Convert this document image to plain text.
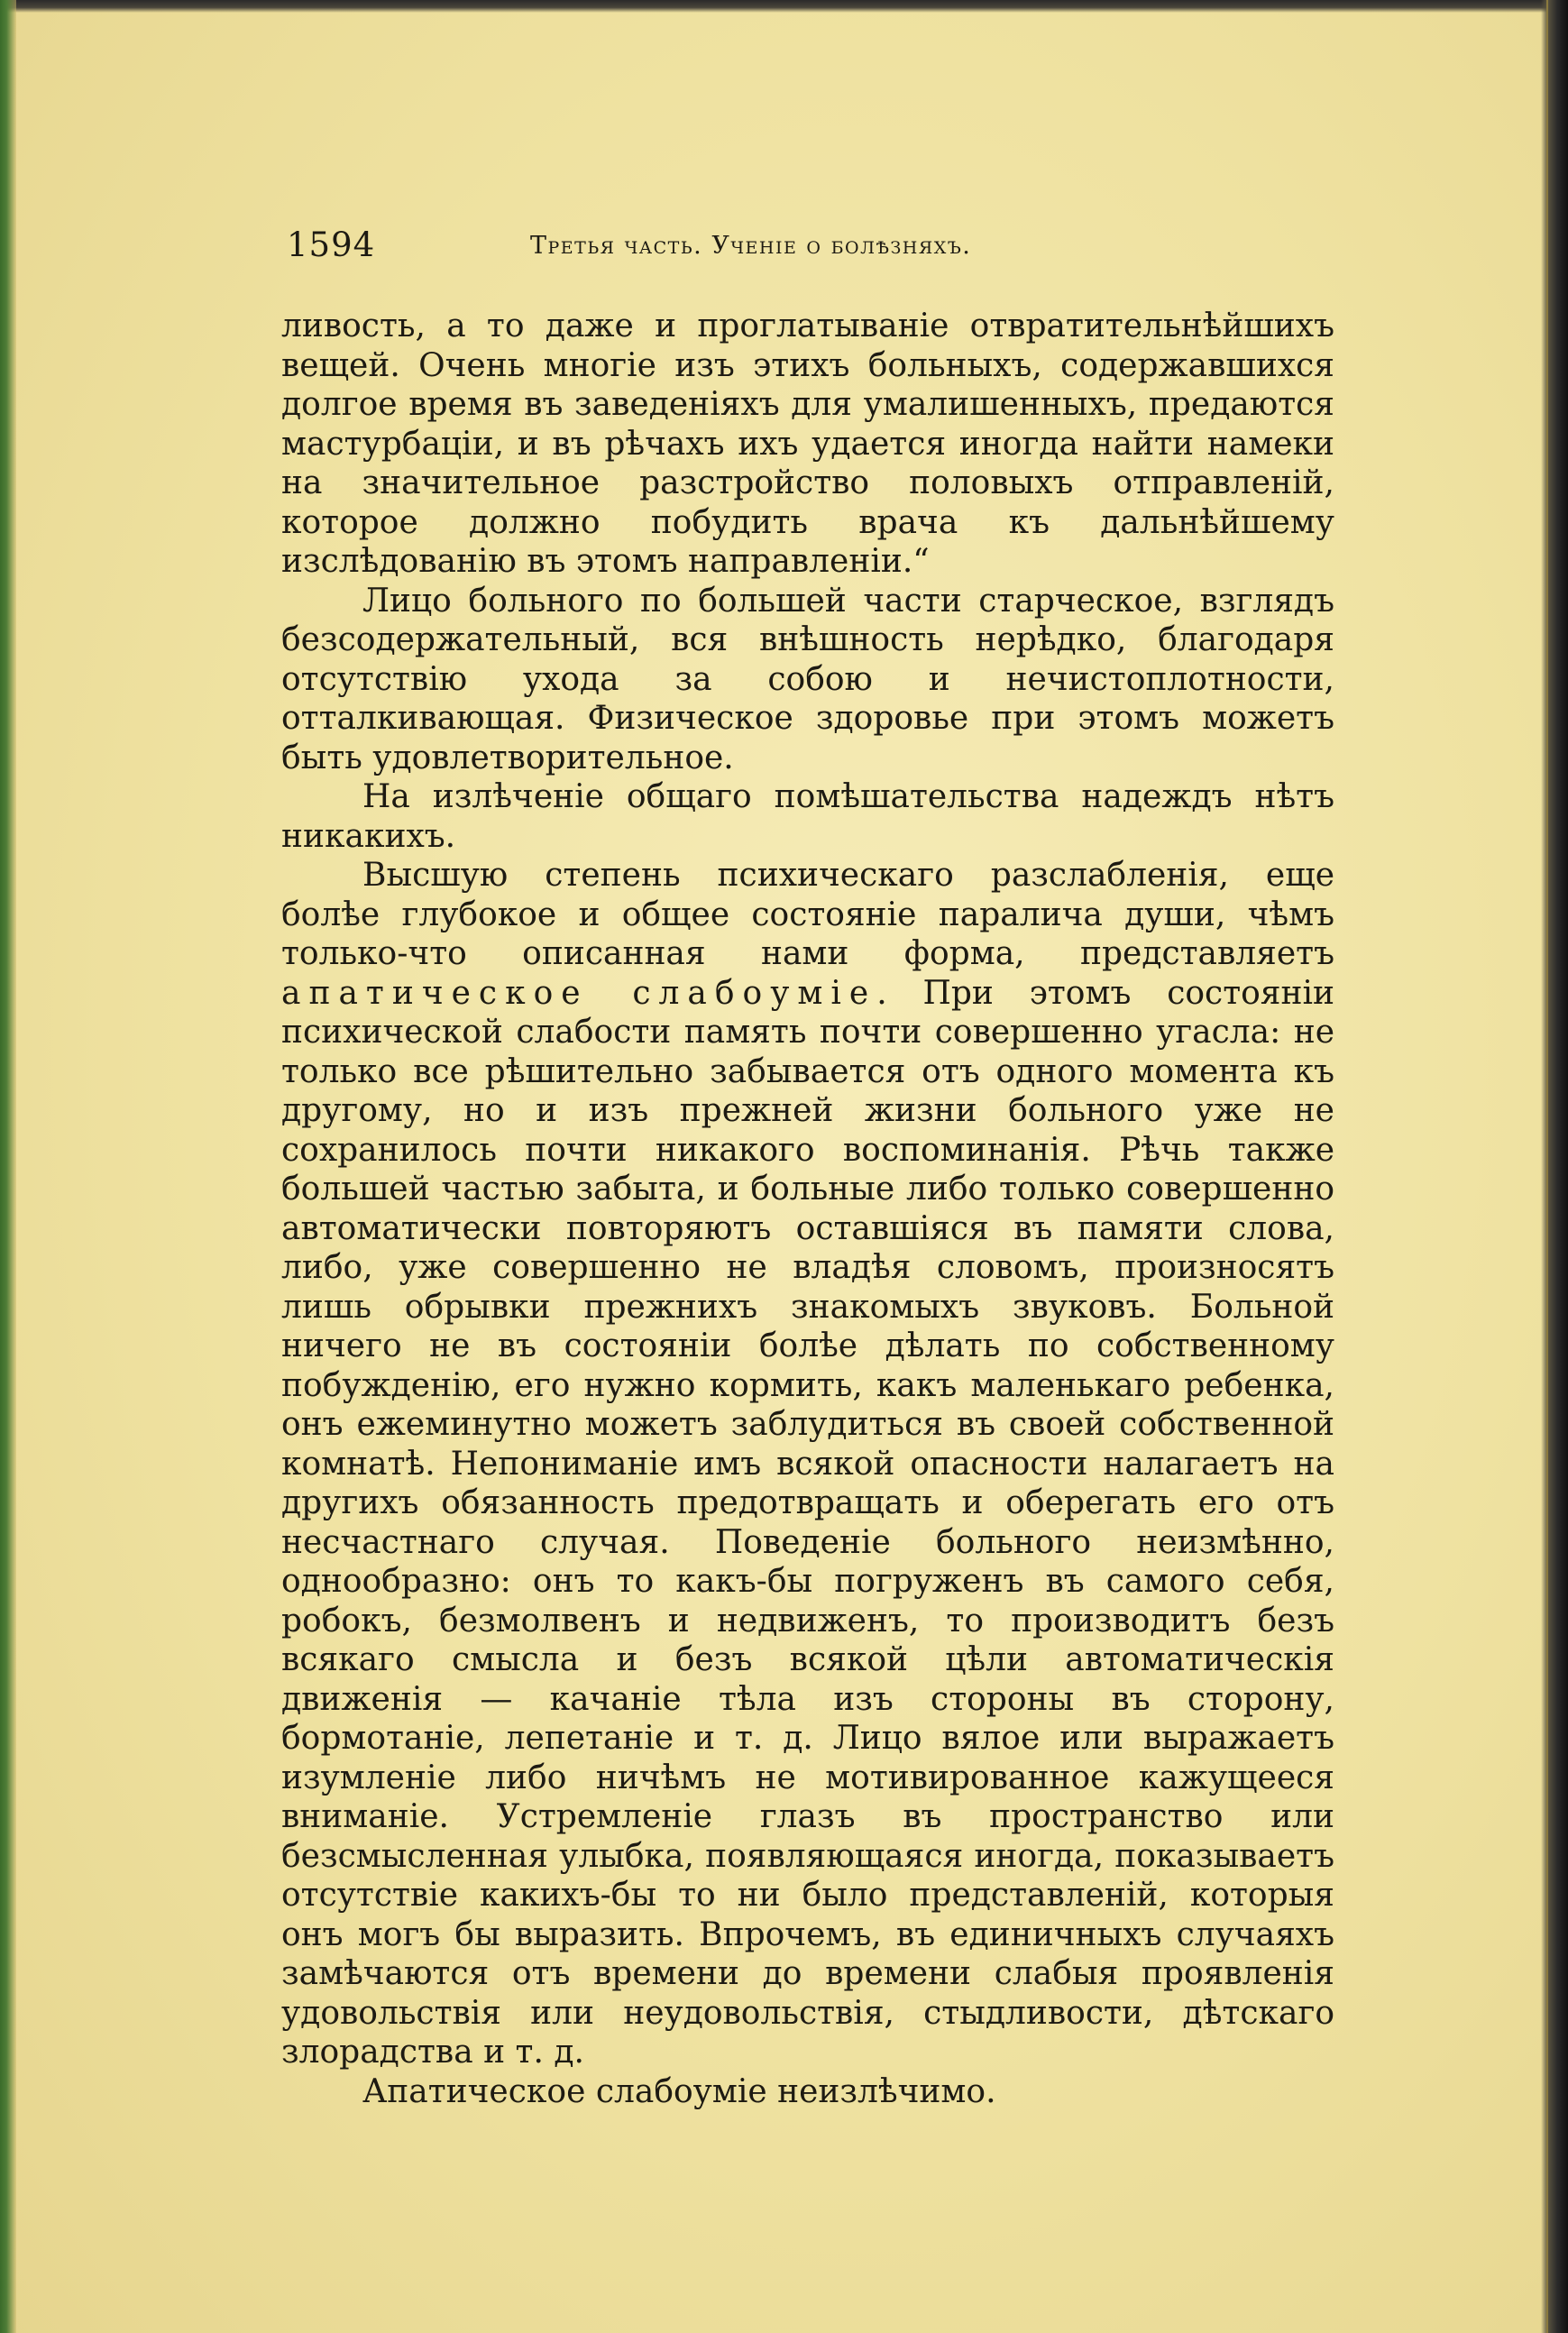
1594	Третья часть. Ученіе о болѣзняхъ.

ливость, а то даже и проглатываніе отвратительнѣйшихъ вещей. Очень многіе изъ этихъ больныхъ, содержавшихся долгое время въ заведеніяхъ для умалишенныхъ, предаются мастурбаціи, и въ рѣчахъ ихъ удается иногда найти намеки на значительное разстройство половыхъ отправленій, которое должно побудить врача къ дальнѣйшему изслѣдованію въ этомъ направленіи.“

Лицо больного по большей части старческое, взглядъ безсодержательный, вся внѣшность нерѣдко, благодаря отсутствію ухода за собою и нечистоплотности, отталкивающая. Физическое здоровье при этомъ можетъ быть удовлетворительное.

На излѣченіе общаго помѣшательства надеждъ нѣтъ никакихъ.

Высшую степень психическаго разслабленія, еще болѣе глубокое и общее состояніе паралича души, чѣмъ только-что описанная нами форма, представляетъ апатическое слабоуміе. При этомъ состояніи психической слабости память почти совершенно угасла: не только все рѣшительно забывается отъ одного момента къ другому, но и изъ прежней жизни больного уже не сохранилось почти никакого воспоминанія. Рѣчь также большей частью забыта, и больные либо только совершенно автоматически повторяютъ оставшіяся въ памяти слова, либо, уже совершенно не владѣя словомъ, произносятъ лишь обрывки прежнихъ знакомыхъ звуковъ. Больной ничего не въ состояніи болѣе дѣлать по собственному побужденію, его нужно кормить, какъ маленькаго ребенка, онъ ежеминутно можетъ заблудиться въ своей собственной комнатѣ. Непониманіе имъ всякой опасности налагаетъ на другихъ обязанность предотвращать и оберегать его отъ несчастнаго случая. Поведеніе больного неизмѣнно, однообразно: онъ то какъ-бы погруженъ въ самого себя, робокъ, безмолвенъ и недвиженъ, то производитъ безъ всякаго смысла и безъ всякой цѣли автоматическія движенія — качаніе тѣла изъ стороны въ сторону, бормотаніе, лепетаніе и т. д. Лицо вялое или выражаетъ изумленіе либо ничѣмъ не мотивированное кажущееся вниманіе. Устремленіе глазъ въ пространство или безсмысленная улыбка, появляющаяся иногда, показываетъ отсутствіе какихъ-бы то ни было представленій, которыя онъ могъ бы выразить. Впрочемъ, въ единичныхъ случаяхъ замѣчаются отъ времени до времени слабыя проявленія удовольствія или неудовольствія, стыдливости, дѣтскаго злорадства и т. д.

Апатическое слабоуміе неизлѣчимо.
